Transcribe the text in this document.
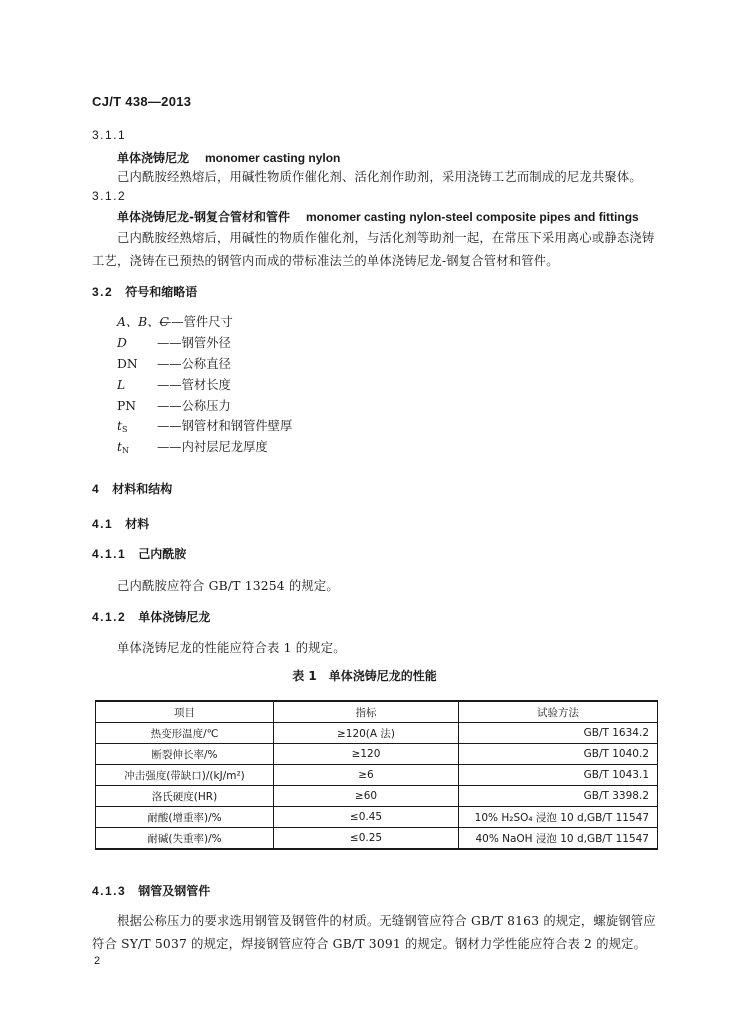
CJ/T 438—2013
3.1.1
单体浇铸尼龙 monomer casting nylon
己内酰胺经熟熔后，用碱性物质作催化剂、活化剂作助剂，采用浇铸工艺而制成的尼龙共聚体。
3.1.2
单体浇铸尼龙-钢复合管材和管件 monomer casting nylon-steel composite pipes and fittings
己内酰胺经熟熔后，用碱性的物质作催化剂，与活化剂等助剂一起，在常压下采用离心或静态浇铸
工艺，浇铸在已预热的钢管内而成的带标准法兰的单体浇铸尼龙-钢复合管材和管件。
3.2 符号和缩略语
A、B、C——管件尺寸
D ——钢管外径
DN ——公称直径
L	——管材长度
PN ——公称压力
$t_S$ ——钢管材和钢管件壁厚
$t_N$ ——内衬层尼龙厚度
4 材料和结构
4.1 材料
4.1.1 己内酰胺
己内酰胺应符合 GB/T 13254 的规定。
4.1.2 单体浇铸尼龙
单体浇铸尼龙的性能应符合表 1 的规定。
表 1　单体浇铸尼龙的性能
项目	指标	试验方法
热变形温度/℃	≥120(A 法)	GB/T 1634.2
断裂伸长率/%	≥120	GB/T 1040.2
冲击强度(带缺口)/(kJ/m²)	≥6	GB/T 1043.1
洛氏硬度(HR)	≥60	GB/T 3398.2
耐酸(增重率)/%	≤0.45	10% H₂SO₄ 浸泡 10 d,GB/T 11547
耐碱(失重率)/%	≤0.25	40% NaOH 浸泡 10 d,GB/T 11547
4.1.3 钢管及钢管件
根据公称压力的要求选用钢管及钢管件的材质。无缝钢管应符合 GB/T 8163 的规定，螺旋钢管应
符合 SY/T 5037 的规定，焊接钢管应符合 GB/T 3091 的规定。钢材力学性能应符合表 2 的规定。
2
